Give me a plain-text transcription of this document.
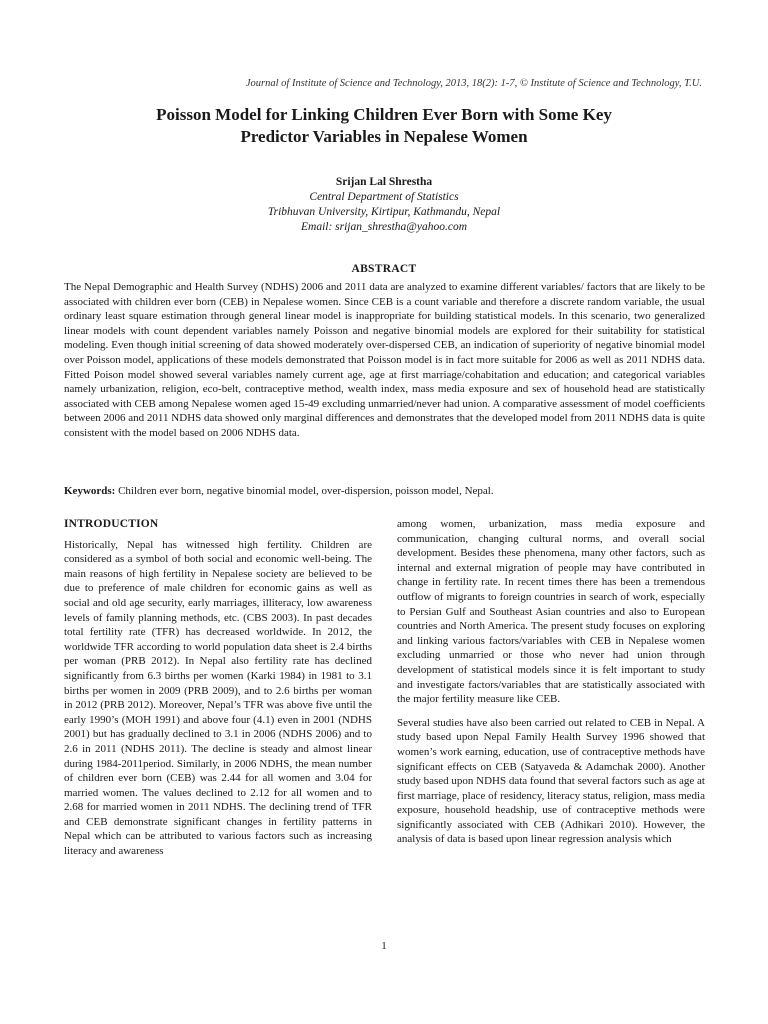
Journal of Institute of Science and Technology, 2013, 18(2): 1-7, © Institute of Science and Technology, T.U.
Poisson Model for Linking Children Ever Born with Some Key
Predictor Variables in Nepalese Women
Srijan Lal Shrestha
Central Department of Statistics
Tribhuvan University, Kirtipur, Kathmandu, Nepal
Email: srijan_shrestha@yahoo.com
ABSTRACT
The Nepal Demographic and Health Survey (NDHS) 2006 and 2011 data are analyzed to examine different variables/ factors that are likely to be associated with children ever born (CEB) in Nepalese women. Since CEB is a count variable and therefore a discrete random variable, the usual ordinary least square estimation through general linear model is inappropriate for building statistical models. In this scenario, two generalized linear models with count dependent variables namely Poisson and negative binomial models are explored for their suitability for statistical modeling. Even though initial screening of data showed moderately over-dispersed CEB, an indication of superiority of negative binomial model over Poisson model, applications of these models demonstrated that Poisson model is in fact more suitable for 2006 as well as 2011 NDHS data. Fitted Poison model showed several variables namely current age, age at first marriage/cohabitation and education; and categorical variables namely urbanization, religion, eco-belt, contraceptive method, wealth index, mass media exposure and sex of household head are statistically associated with CEB among Nepalese women aged 15-49 excluding unmarried/never had union. A comparative assessment of model coefficients between 2006 and 2011 NDHS data showed only marginal differences and demonstrates that the developed model from 2011 NDHS data is quite consistent with the model based on 2006 NDHS data.
Keywords: Children ever born, negative binomial model, over-dispersion, poisson model, Nepal.
INTRODUCTION

Historically, Nepal has witnessed high fertility. Children are considered as a symbol of both social and economic well-being. The main reasons of high fertility in Nepalese society are believed to be due to preference of male children for economic gains as well as social and old age security, early marriages, illiteracy, low awareness levels of family planning methods, etc. (CBS 2003). In past decades total fertility rate (TFR) has decreased worldwide. In 2012, the worldwide TFR according to world population data sheet is 2.4 births per woman (PRB 2012). In Nepal also fertility rate has declined significantly from 6.3 births per women (Karki 1984) in 1981 to 3.1 births per women in 2009 (PRB 2009), and to 2.6 births per woman in 2012 (PRB 2012). Moreover, Nepal’s TFR was above five until the early 1990’s (MOH 1991) and above four (4.1) even in 2001 (NDHS 2001) but has gradually declined to 3.1 in 2006 (NDHS 2006) and to 2.6 in 2011 (NDHS 2011). The decline is steady and almost linear during 1984-2011period. Similarly, in 2006 NDHS, the mean number of children ever born (CEB) was 2.44 for all women and 3.04 for married women. The values declined to 2.12 for all women and to 2.68 for married women in 2011 NDHS. The declining trend of TFR and CEB demonstrate significant changes in fertility patterns in Nepal which can be attributed to various factors such as increasing literacy and awareness

among women, urbanization, mass media exposure and communication, changing cultural norms, and overall social development. Besides these phenomena, many other factors, such as internal and external migration of people may have contributed in change in fertility rate. In recent times there has been a tremendous outflow of migrants to foreign countries in search of work, especially to Persian Gulf and Southeast Asian countries and also to European countries and North America. The present study focuses on exploring and linking various factors/variables with CEB in Nepalese women excluding unmarried or those who never had union through development of statistical models since it is felt important to study and investigate factors/variables that are statistically associated with the major fertility measure like CEB.

Several studies have also been carried out related to CEB in Nepal. A study based upon Nepal Family Health Survey 1996 showed that women’s work earning, education, use of contraceptive methods have significant effects on CEB (Satyaveda & Adamchak 2000). Another study based upon NDHS data found that several factors such as age at first marriage, place of residency, literacy status, religion, mass media exposure, household headship, use of contraceptive methods were significantly associated with CEB (Adhikari 2010). However, the analysis of data is based upon linear regression analysis which

1
